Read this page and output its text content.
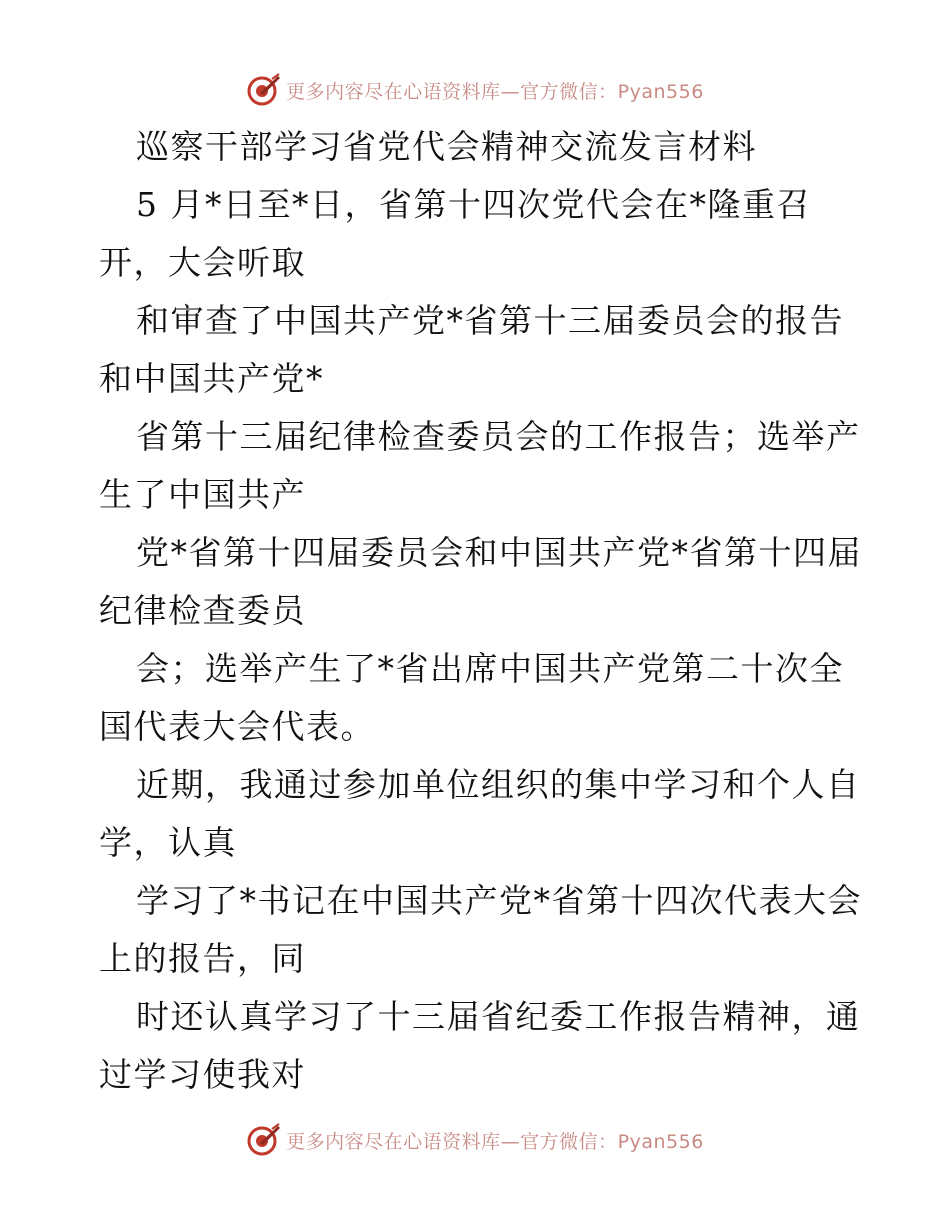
更多内容尽在心语资料库—官方微信：Pyan556
巡察干部学习省党代会精神交流发言材料
5 月*日至*日，省第十四次党代会在*隆重召
开，大会听取
和审查了中国共产党*省第十三届委员会的报告
和中国共产党*
省第十三届纪律检查委员会的工作报告；选举产
生了中国共产
党*省第十四届委员会和中国共产党*省第十四届
纪律检查委员
会；选举产生了*省出席中国共产党第二十次全
国代表大会代表。
近期，我通过参加单位组织的集中学习和个人自
学，认真
学习了*书记在中国共产党*省第十四次代表大会
上的报告，同
时还认真学习了十三届省纪委工作报告精神，通
过学习使我对
更多内容尽在心语资料库—官方微信：Pyan556
